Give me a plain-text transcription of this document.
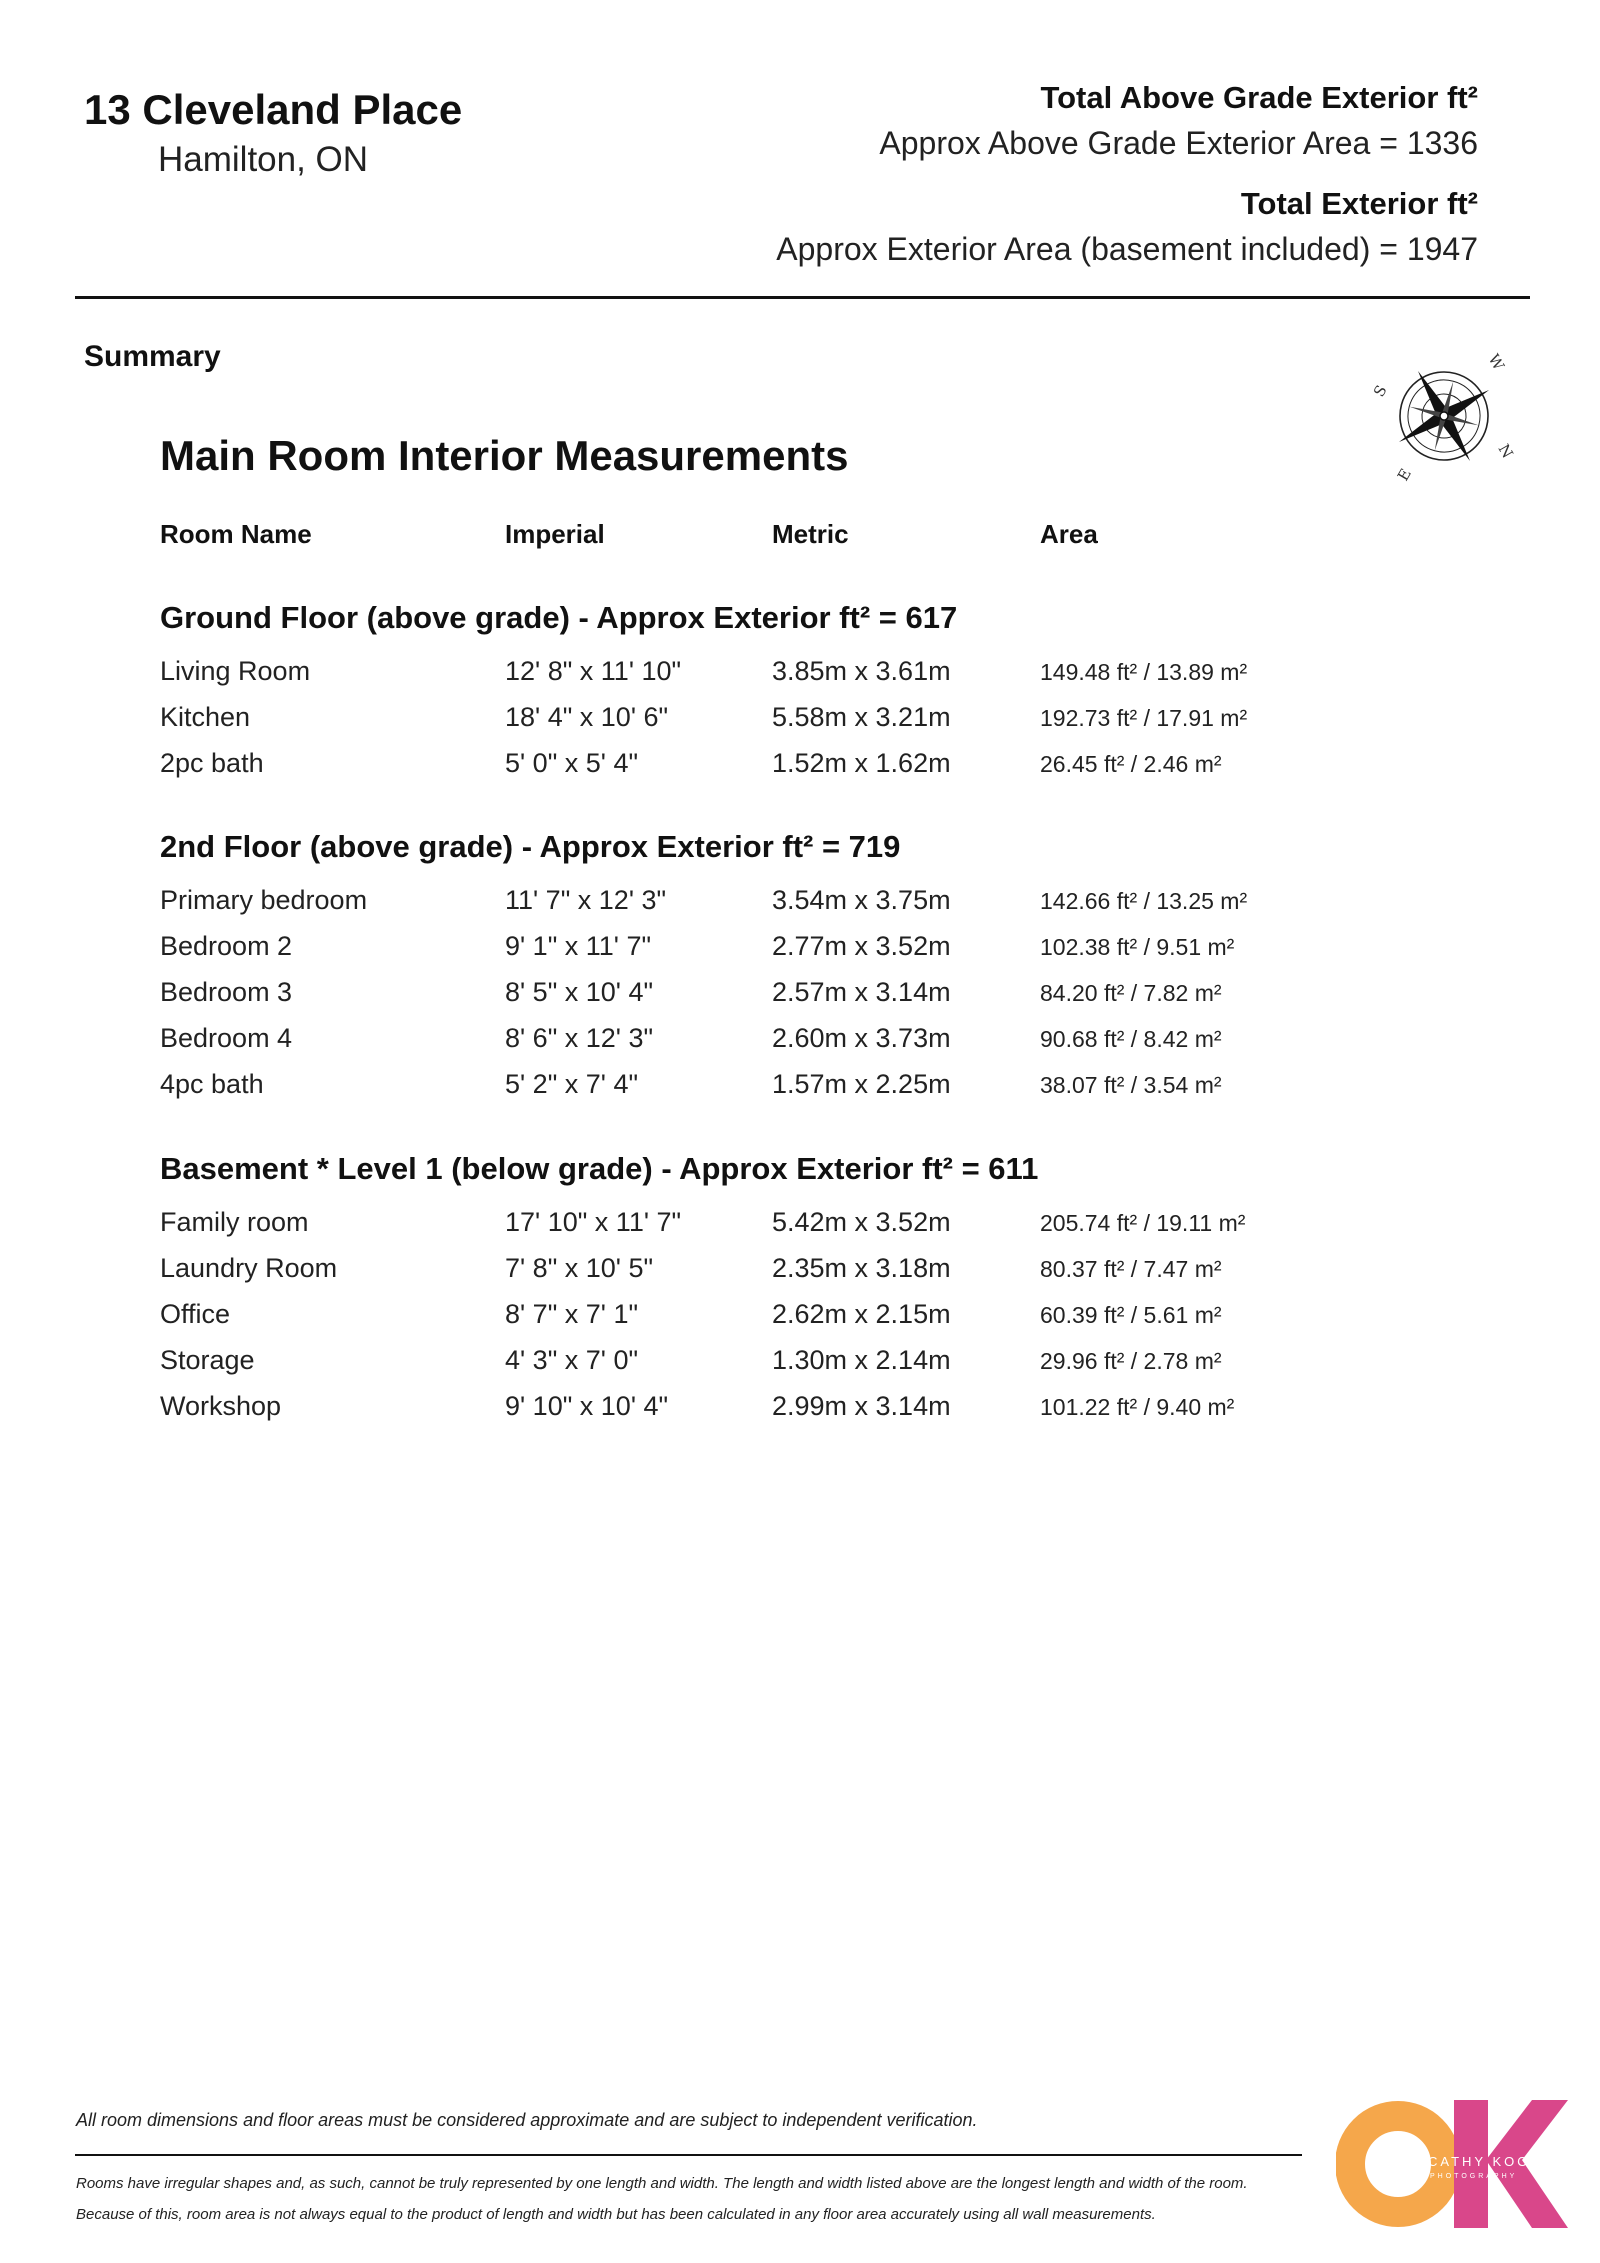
13 Cleveland Place
Hamilton, ON
Total Above Grade Exterior ft²
Approx Above Grade Exterior Area = 1336
Total Exterior ft²
Approx Exterior Area (basement included) = 1947
Summary	W
S
N
E
Main Room Interior Measurements
Room Name	Imperial	Metric	Area
Ground Floor (above grade) - Approx Exterior ft² = 617
Living Room	12' 8" x 11' 10"	3.85m x 3.61m	149.48 ft² / 13.89 m²
Kitchen	18' 4" x 10' 6"	5.58m x 3.21m	192.73 ft² / 17.91 m²
2pc bath	5' 0" x 5' 4"	1.52m x 1.62m	26.45 ft² / 2.46 m²
2nd Floor (above grade) - Approx Exterior ft² = 719
Primary bedroom	11' 7" x 12' 3"	3.54m x 3.75m	142.66 ft² / 13.25 m²
Bedroom 2	9' 1" x 11' 7"	2.77m x 3.52m	102.38 ft² / 9.51 m²
Bedroom 3	8' 5" x 10' 4"	2.57m x 3.14m	84.20 ft² / 7.82 m²
Bedroom 4	8' 6" x 12' 3"	2.60m x 3.73m	90.68 ft² / 8.42 m²
4pc bath	5' 2" x 7' 4"	1.57m x 2.25m	38.07 ft² / 3.54 m²
Basement * Level 1 (below grade) - Approx Exterior ft² = 611
Family room	17' 10" x 11' 7"	5.42m x 3.52m	205.74 ft² / 19.11 m²
Laundry Room	7' 8" x 10' 5"	2.35m x 3.18m	80.37 ft² / 7.47 m²
Office	8' 7" x 7' 1"	2.62m x 2.15m	60.39 ft² / 5.61 m²
Storage	4' 3" x 7' 0"	1.30m x 2.14m	29.96 ft² / 2.78 m²
Workshop	9' 10" x 10' 4"	2.99m x 3.14m	101.22 ft² / 9.40 m²
All room dimensions and floor areas must be considered approximate and are subject to independent verification.
Rooms have irregular shapes and, as such, cannot be truly represented by one length and width. The length and width listed above are the longest length and width of the room.
Because of this, room area is not always equal to the product of length and width but has been calculated in any floor area accurately using all wall measurements.
CATHY KOOP
PHOTOGRAPHY
